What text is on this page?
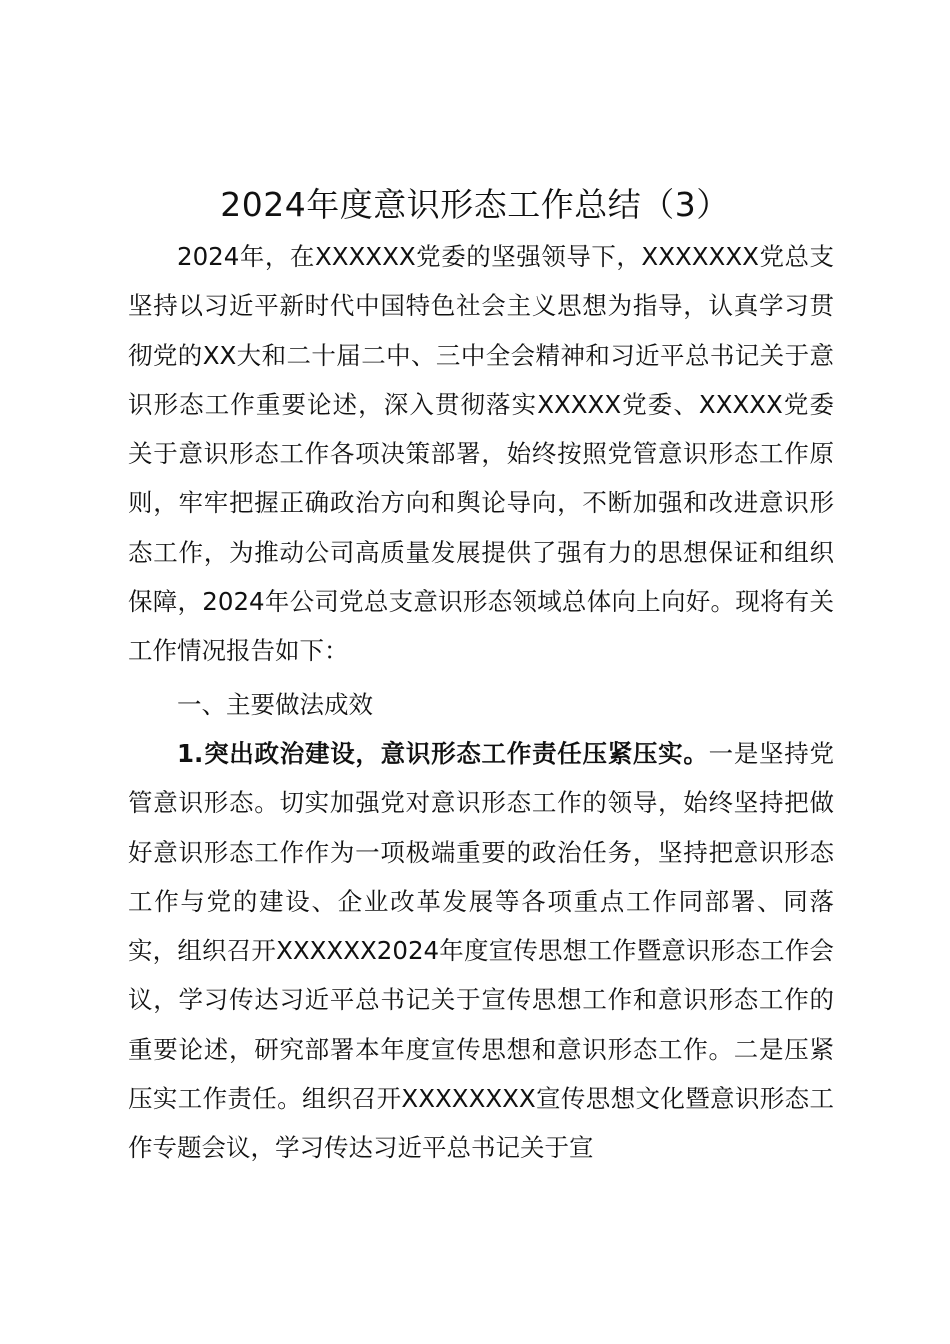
2024年度意识形态工作总结（3）

2024年，在XXXXXX党委的坚强领导下，XXXXXXX党总支坚持以习近平新时代中国特色社会主义思想为指导，认真学习贯彻党的XX大和二十届二中、三中全会精神和习近平总书记关于意识形态工作重要论述，深入贯彻落实XXXXX党委、XXXXX党委关于意识形态工作各项决策部署，始终按照党管意识形态工作原则，牢牢把握正确政治方向和舆论导向，不断加强和改进意识形态工作，为推动公司高质量发展提供了强有力的思想保证和组织保障，2024年公司党总支意识形态领域总体向上向好。现将有关工作情况报告如下：

一、主要做法成效

1.突出政治建设，意识形态工作责任压紧压实。一是坚持党管意识形态。切实加强党对意识形态工作的领导，始终坚持把做好意识形态工作作为一项极端重要的政治任务，坚持把意识形态工作与党的建设、企业改革发展等各项重点工作同部署、同落实，组织召开XXXXXX2024年度宣传思想工作暨意识形态工作会议，学习传达习近平总书记关于宣传思想工作和意识形态工作的重要论述，研究部署本年度宣传思想和意识形态工作。二是压紧压实工作责任。组织召开XXXXXXXX宣传思想文化暨意识形态工作专题会议，学习传达习近平总书记关于宣
